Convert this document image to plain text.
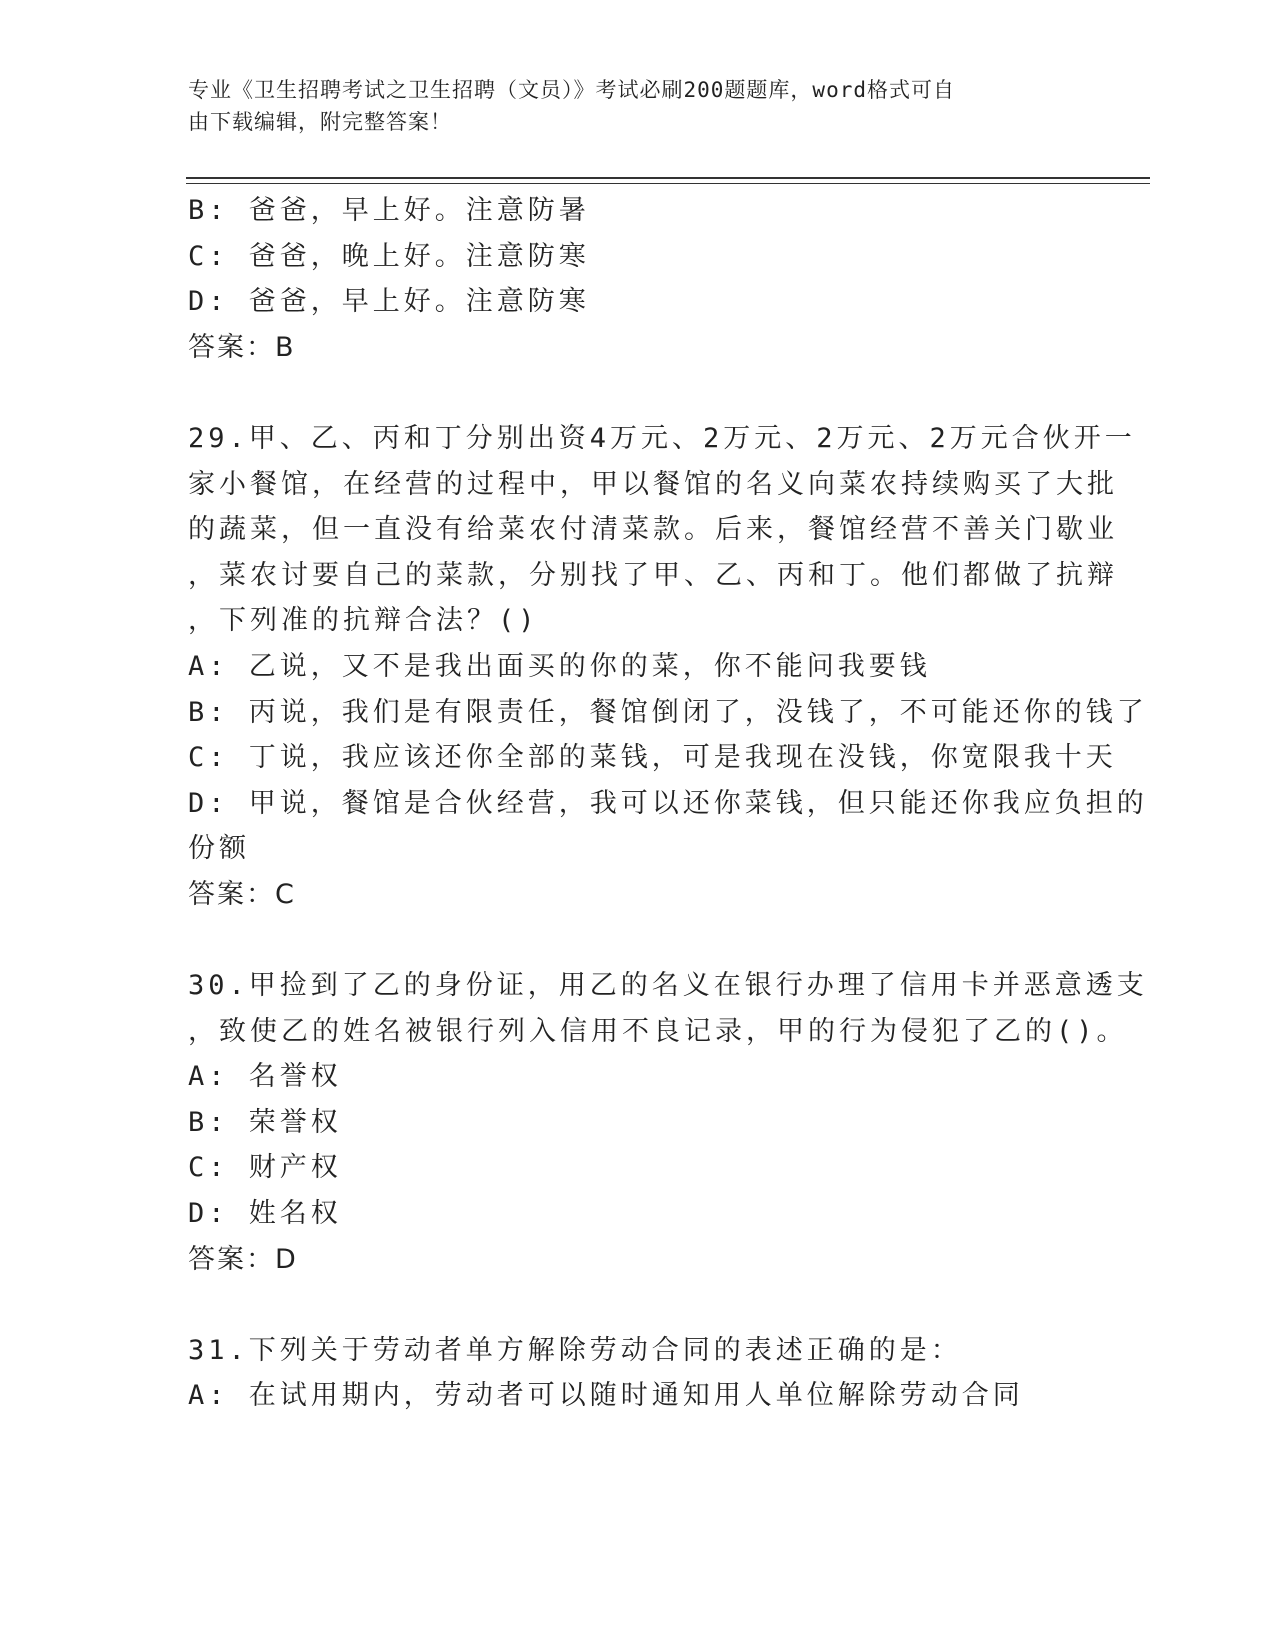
专业《卫生招聘考试之卫生招聘（文员）》考试必刷200题题库，word格式可自
由下载编辑，附完整答案！
B: 爸爸，早上好。注意防暑
C: 爸爸，晚上好。注意防寒
D: 爸爸，早上好。注意防寒
答案：B
29.甲、乙、丙和丁分别出资4万元、2万元、2万元、2万元合伙开一
家小餐馆，在经营的过程中，甲以餐馆的名义向菜农持续购买了大批
的蔬菜，但一直没有给菜农付清菜款。后来，餐馆经营不善关门歇业
，菜农讨要自己的菜款，分别找了甲、乙、丙和丁。他们都做了抗辩
，下列准的抗辩合法？()
A: 乙说，又不是我出面买的你的菜，你不能问我要钱
B: 丙说，我们是有限责任，餐馆倒闭了，没钱了，不可能还你的钱了
C: 丁说，我应该还你全部的菜钱，可是我现在没钱，你宽限我十天
D: 甲说，餐馆是合伙经营，我可以还你菜钱，但只能还你我应负担的
份额
答案：C
30.甲捡到了乙的身份证，用乙的名义在银行办理了信用卡并恶意透支
，致使乙的姓名被银行列入信用不良记录，甲的行为侵犯了乙的()。
A: 名誉权
B: 荣誉权
C: 财产权
D: 姓名权
答案：D
31.下列关于劳动者单方解除劳动合同的表述正确的是：
A: 在试用期内，劳动者可以随时通知用人单位解除劳动合同
